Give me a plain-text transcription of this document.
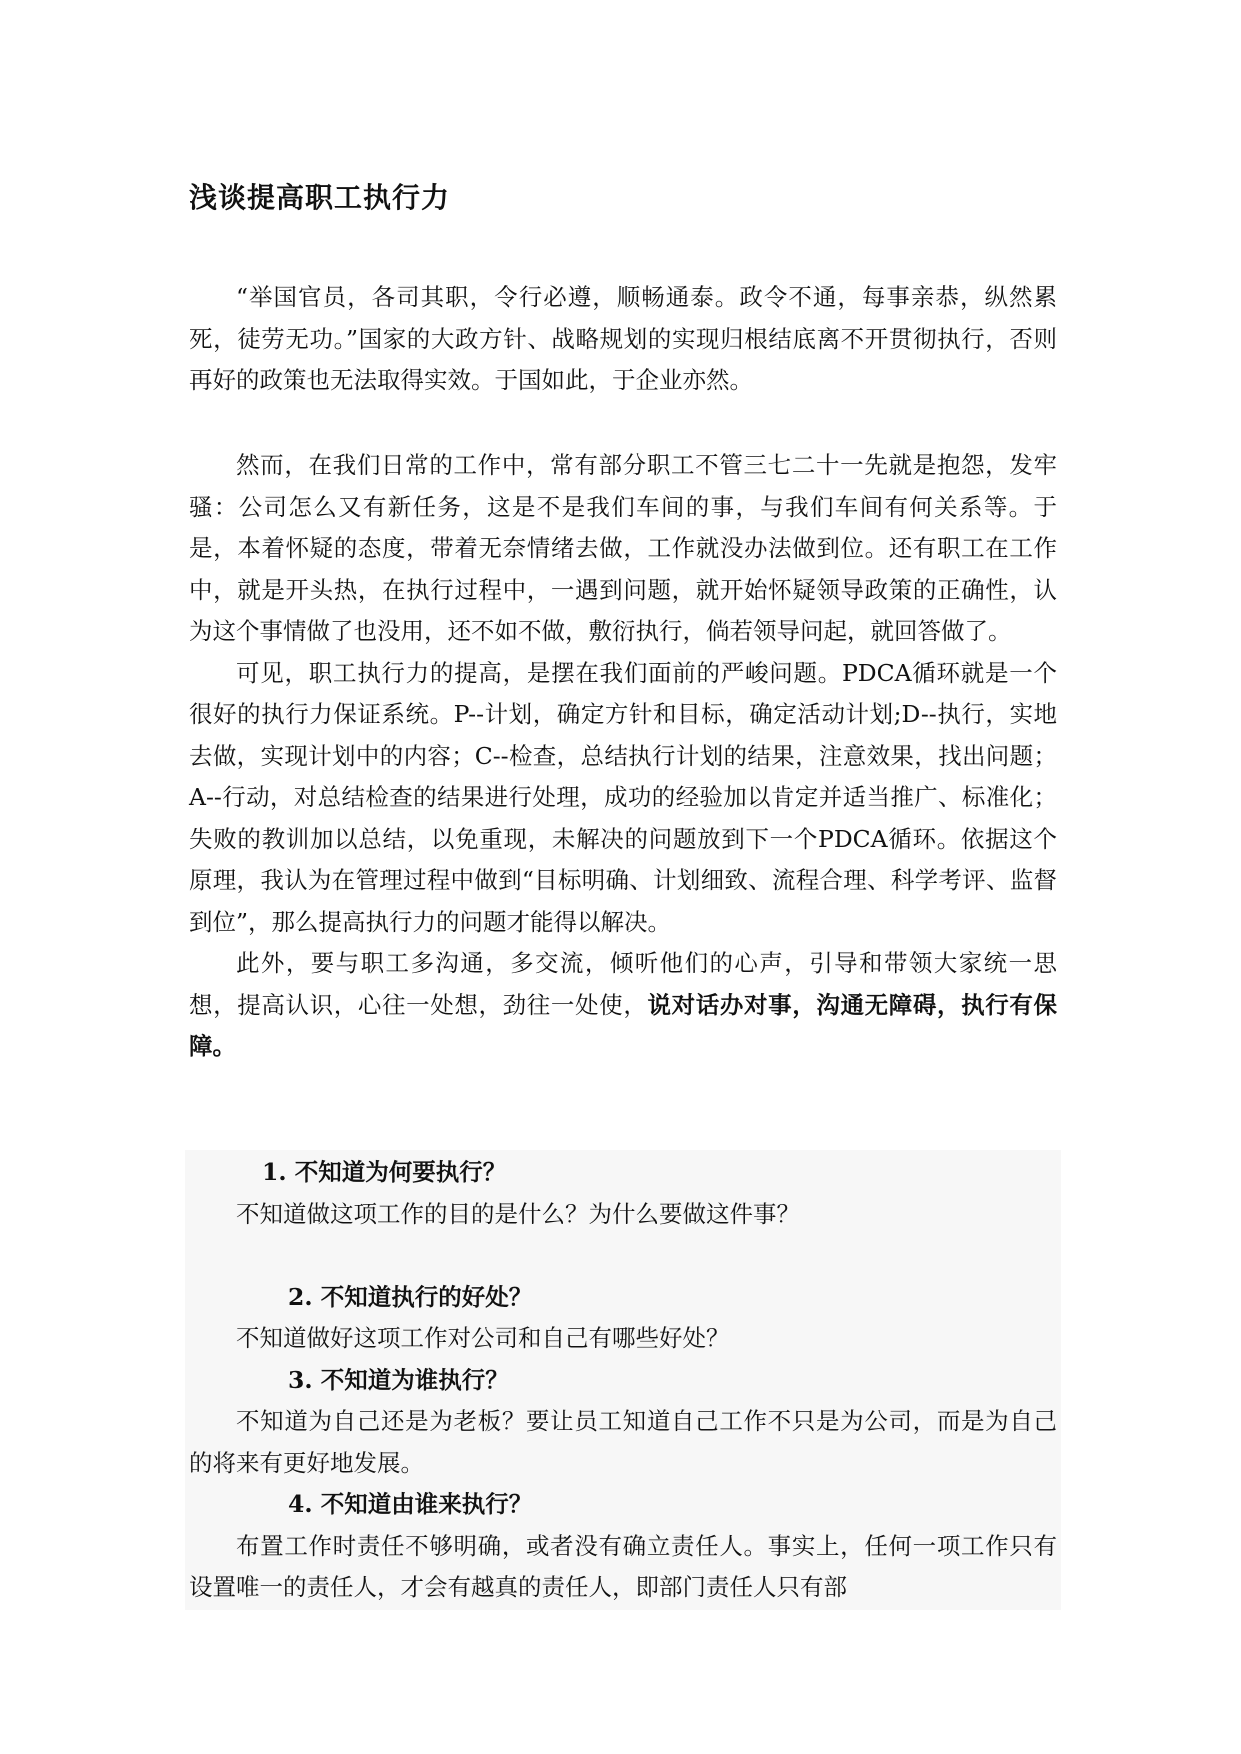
浅谈提高职工执行力

“举国官员，各司其职，令行必遵，顺畅通泰。政令不通，每事亲恭，纵然累死，徒劳无功。”国家的大政方针、战略规划的实现归根结底离不开贯彻执行，否则再好的政策也无法取得实效。于国如此，于企业亦然。

然而，在我们日常的工作中，常有部分职工不管三七二十一先就是抱怨，发牢骚：公司怎么又有新任务，这是不是我们车间的事，与我们车间有何关系等。于是，本着怀疑的态度，带着无奈情绪去做，工作就没办法做到位。还有职工在工作中，就是开头热，在执行过程中，一遇到问题，就开始怀疑领导政策的正确性，认为这个事情做了也没用，还不如不做，敷衍执行，倘若领导问起，就回答做了。

可见，职工执行力的提高，是摆在我们面前的严峻问题。PDCA循环就是一个很好的执行力保证系统。P--计划，确定方针和目标，确定活动计划;D--执行，实地去做，实现计划中的内容；C--检查，总结执行计划的结果，注意效果，找出问题；A--行动，对总结检查的结果进行处理，成功的经验加以肯定并适当推广、标准化；失败的教训加以总结，以免重现，未解决的问题放到下一个PDCA循环。依据这个原理，我认为在管理过程中做到“目标明确、计划细致、流程合理、科学考评、监督到位”，那么提高执行力的问题才能得以解决。

此外，要与职工多沟通，多交流，倾听他们的心声，引导和带领大家统一思想，提高认识，心往一处想，劲往一处使，说对话办对事，沟通无障碍，执行有保障。

1. 不知道为何要执行？

不知道做这项工作的目的是什么？为什么要做这件事？

2. 不知道执行的好处？

不知道做好这项工作对公司和自己有哪些好处？

3. 不知道为谁执行？

不知道为自己还是为老板？要让员工知道自己工作不只是为公司，而是为自己的将来有更好地发展。

4. 不知道由谁来执行？

布置工作时责任不够明确，或者没有确立责任人。事实上，任何一项工作只有设置唯一的责任人，才会有越真的责任人，即部门责任人只有部
